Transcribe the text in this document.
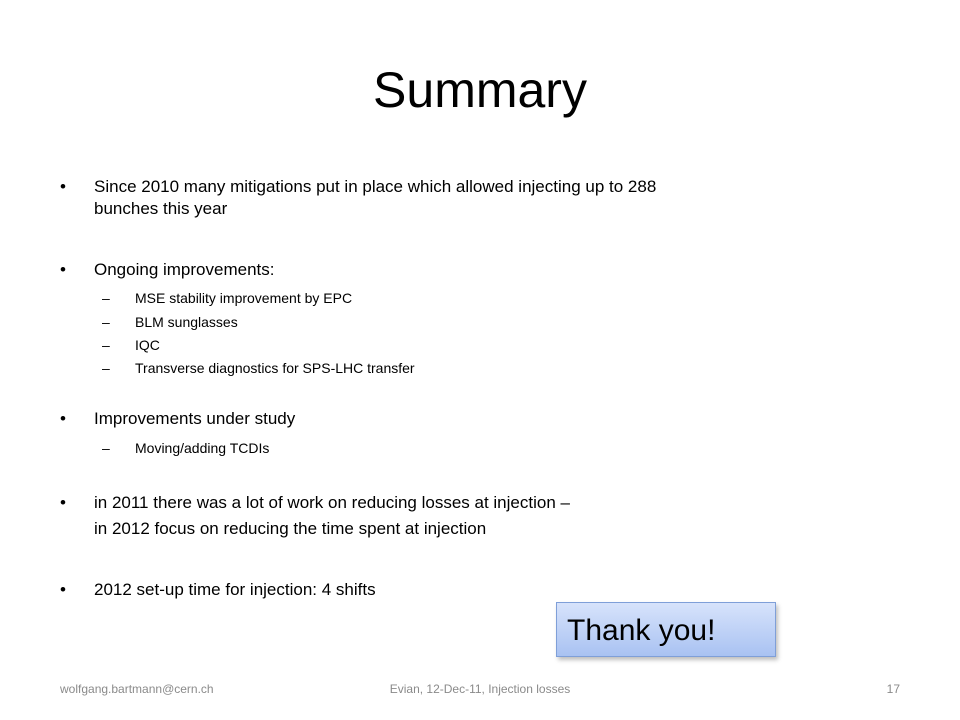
Summary
• Since 2010 many mitigations put in place which allowed injecting up to 288
bunches this year
• Ongoing improvements:
– MSE stability improvement by EPC
– BLM sunglasses
– IQC
– Transverse diagnostics for SPS-LHC transfer
• Improvements under study
– Moving/adding TCDIs
• in 2011 there was a lot of work on reducing losses at injection –
in 2012 focus on reducing the time spent at injection
• 2012 set-up time for injection: 4 shifts
Thank you!
wolfgang.bartmann@cern.ch	Evian, 12-Dec-11, Injection losses	17
